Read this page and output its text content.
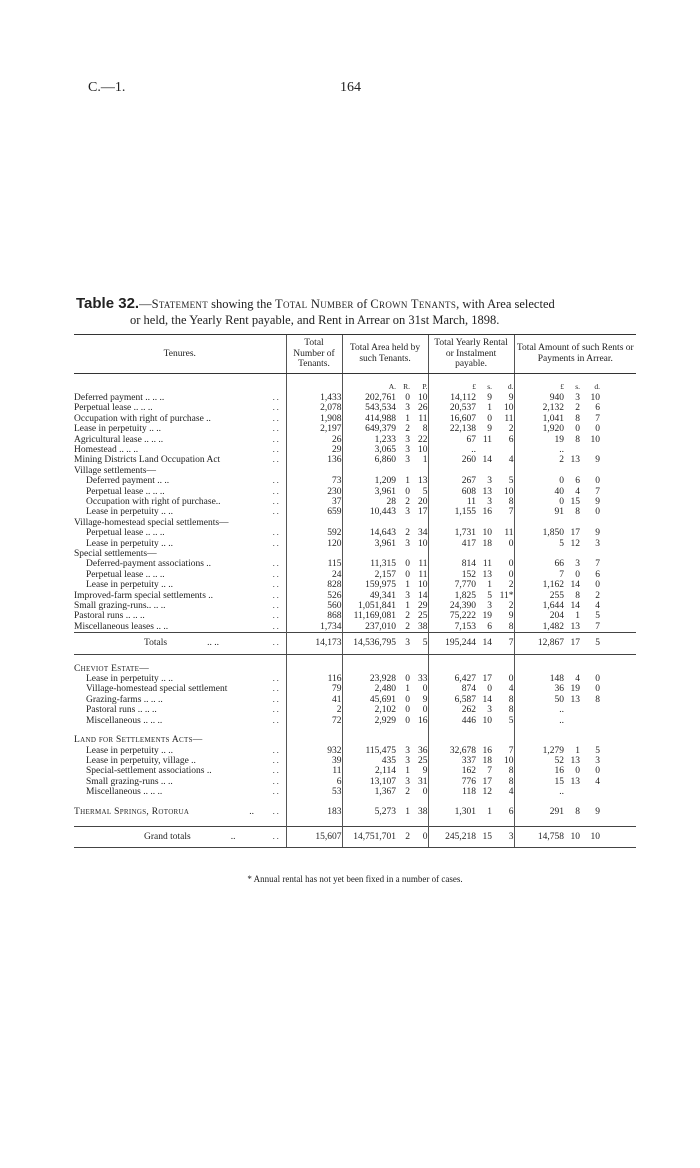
C.—1.	164
Table 32.—Statement showing the Total Number of Crown Tenants, with Area selected
or held, the Yearly Rent payable, and Rent in Arrear on 31st March, 1898.
Tenures.		Total Number of Tenants.	Total Area held by such Tenants.			Total Yearly Rental or Instalment payable.			Total Amount of such Rents or Payments in Arrear.			
			A.	R.	P.	£	s.	d.	£	s.	d.	
Deferred payment .. .. ..	. .	1,433	202,761	0	10	14,112	9	9	940	3	10	
Perpetual lease .. .. ..	. .	2,078	543,534	3	26	20,537	1	10	2,132	2	6	
Occupation with right of purchase ..	. .	1,908	414,988	1	11	16,607	0	11	1,041	8	7	
Lease in perpetuity .. ..	. .	2,197	649,379	2	8	22,138	9	2	1,920	0	0	
Agricultural lease .. .. ..	. .	26	1,233	3	22	67	11	6	19	8	10	
Homestead .. .. ..	. .	29	3,065	3	10	..			..			
Mining Districts Land Occupation Act	. .	136	6,860	3	1	260	14	4	2	13	9	
Village settlements—												
Deferred payment .. ..	. .	73	1,209	1	13	267	3	5	0	6	0	
Perpetual lease .. .. ..	. .	230	3,961	0	5	608	13	10	40	4	7	
Occupation with right of purchase..	. .	37	28	2	20	11	3	8	0	15	9	
Lease in perpetuity .. ..	. .	659	10,443	3	17	1,155	16	7	91	8	0	
Village-homestead special settlements—												
Perpetual lease .. .. ..	. .	592	14,643	2	34	1,731	10	11	1,850	17	9	
Lease in perpetuity .. ..	. .	120	3,961	3	10	417	18	0	5	12	3	
Special settlements—												
Deferred-payment associations ..	. .	115	11,315	0	11	814	11	0	66	3	7	
Perpetual lease .. .. ..	. .	24	2,157	0	11	152	13	0	7	0	6	
Lease in perpetuity .. ..	. .	828	159,975	1	10	7,770	1	2	1,162	14	0	
Improved-farm special settlements ..	. .	526	49,341	3	14	1,825	5	11*	255	8	2	
Small grazing-runs.. .. ..	. .	560	1,051,841	1	29	24,390	3	2	1,644	14	4	
Pastoral runs .. .. ..	. .	868	11,169,081	2	25	75,222	19	9	204	1	5	
Miscellaneous leases .. ..	. .	1,734	237,010	2	38	7,153	6	8	1,482	13	7	
Totals .. ..	. .	14,173	14,536,795	3	5	195,244	14	7	12,867	17	5	

Cheviot Estate—												
Lease in perpetuity .. ..	. .	116	23,928	0	33	6,427	17	0	148	4	0	
Village-homestead special settlement	. .	79	2,480	1	0	874	0	4	36	19	0	
Grazing-farms .. .. ..	. .	41	45,691	0	9	6,587	14	8	50	13	8	
Pastoral runs .. .. ..	. .	2	2,102	0	0	262	3	8	..			
Miscellaneous .. .. ..	. .	72	2,929	0	16	446	10	5	..			

Land for Settlements Acts—												
Lease in perpetuity .. ..	. .	932	115,475	3	36	32,678	16	7	1,279	1	5	
Lease in perpetuity, village ..	. .	39	435	3	25	337	18	10	52	13	3	
Special-settlement associations ..	. .	11	2,114	1	9	162	7	8	16	0	0	
Small grazing-runs .. ..	. .	6	13,107	3	31	776	17	8	15	13	4	
Miscellaneous .. .. ..	. .	53	1,367	2	0	118	12	4	..			

Thermal Springs, Rotorua ..	. .	183	5,273	1	38	1,301	1	6	291	8	9	

Grand totals ..	. .	15,607	14,751,701	2	0	245,218	15	3	14,758	10	10	
* Annual rental has not yet been fixed in a number of cases.
